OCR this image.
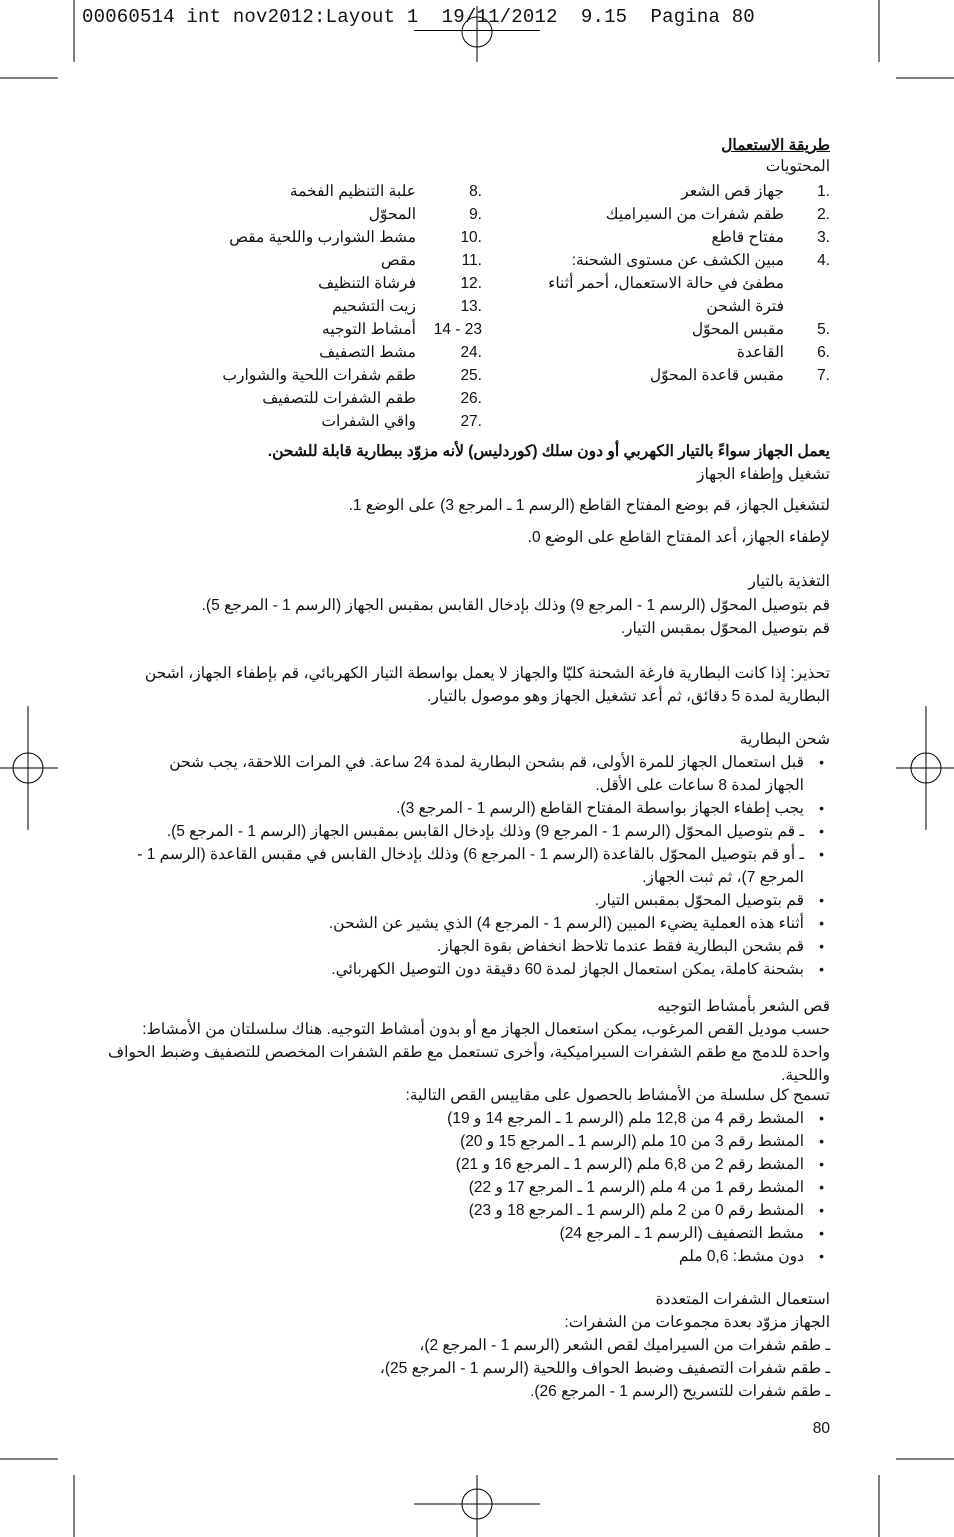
00060514 int nov2012:Layout 1  19/11/2012  9.15  Pagina 80
طريقة الاستعمال
المحتويات
1.
جهاز قص الشعر
2.
طقم شفرات من السيراميك
3.
مفتاح قاطع
4.
مبين الكشف عن مستوى الشحنة:
مطفئ في حالة الاستعمال، أحمر أثناء
فترة الشحن
5.
مقبس المحوّل
6.
القاعدة
7.
مقبس قاعدة المحوّل
8.
علبة التنظيم الفخمة
9.
المحوّل
10.
مشط الشوارب واللحية مقص
11.
مقص
12.
فرشاة التنظيف
13.
زيت التشحيم
14 - 23
أمشاط التوجيه
24.
مشط التصفيف
25.
طقم شفرات اللحية والشوارب
26.
طقم الشفرات للتصفيف
27.
واقي الشفرات
يعمل الجهاز سواءً بالتيار الكهربي أو دون سلك (كوردليس) لأنه مزوّد ببطارية قابلة للشحن.
تشغيل وإطفاء الجهاز
لتشغيل الجهاز، قم بوضع المفتاح القاطع (الرسم 1 ـ المرجع 3) على الوضع 1.
لإطفاء الجهاز، أعد المفتاح القاطع على الوضع 0.
التغذية بالتيار
قم بتوصيل المحوّل (الرسم 1 - المرجع 9) وذلك بإدخال القابس بمقبس الجهاز (الرسم 1 - المرجع 5).
قم بتوصيل المحوّل بمقبس التيار.
تحذير: إذا كانت البطارية فارغة الشحنة كليّا والجهاز لا يعمل بواسطة التيار الكهربائي، قم بإطفاء الجهاز، اشحن
البطارية لمدة 5 دقائق، ثم أعد تشغيل الجهاز وهو موصول بالتيار.
شحن البطارية
• قبل استعمال الجهاز للمرة الأولى، قم بشحن البطارية لمدة 24 ساعة. في المرات اللاحقة، يجب شحن الجهاز لمدة 8 ساعات على الأقل.
• يجب إطفاء الجهاز بواسطة المفتاح القاطع (الرسم 1 - المرجع 3).
• ـ قم بتوصيل المحوّل (الرسم 1 - المرجع 9) وذلك بإدخال القابس بمقبس الجهاز (الرسم 1 - المرجع 5).
• ـ أو قم بتوصيل المحوّل بالقاعدة (الرسم 1 - المرجع 6) وذلك بإدخال القابس في مقبس القاعدة (الرسم 1 - المرجع 7)، ثم ثبت الجهاز.
• قم بتوصيل المحوّل بمقبس التيار.
• أثناء هذه العملية يضيء المبين (الرسم 1 - المرجع 4) الذي يشير عن الشحن.
• قم بشحن البطارية فقط عندما تلاحظ انخفاض بقوة الجهاز.
• بشحنة كاملة، يمكن استعمال الجهاز لمدة 60 دقيقة دون التوصيل الكهربائي.
قص الشعر بأمشاط التوجيه
حسب موديل القص المرغوب، يمكن استعمال الجهاز مع أو بدون أمشاط التوجيه. هناك سلسلتان من الأمشاط:
واحدة للدمج مع طقم الشفرات السيراميكية، وأخرى تستعمل مع طقم الشفرات المخصص للتصفيف وضبط الحواف
واللحية.
تسمح كل سلسلة من الأمشاط بالحصول على مقاييس القص التالية:
• المشط رقم 4 من 12,8 ملم (الرسم 1 ـ المرجع 14 و 19)
• المشط رقم 3 من 10 ملم (الرسم 1 ـ المرجع 15 و 20)
• المشط رقم 2 من 6,8 ملم (الرسم 1 ـ المرجع 16 و 21)
• المشط رقم 1 من 4 ملم (الرسم 1 ـ المرجع 17 و 22)
• المشط رقم 0 من 2 ملم (الرسم 1 ـ المرجع 18 و 23)
• مشط التصفيف (الرسم 1 ـ المرجع 24)
• دون مشط: 0,6 ملم
استعمال الشفرات المتعددة
الجهاز مزوّد بعدة مجموعات من الشفرات:
ـ طقم شفرات من السيراميك لقص الشعر (الرسم 1 - المرجع 2)،
ـ طقم شفرات التصفيف وضبط الحواف واللحية (الرسم 1 - المرجع 25)،
ـ طقم شفرات للتسريح (الرسم 1 - المرجع 26).
80
